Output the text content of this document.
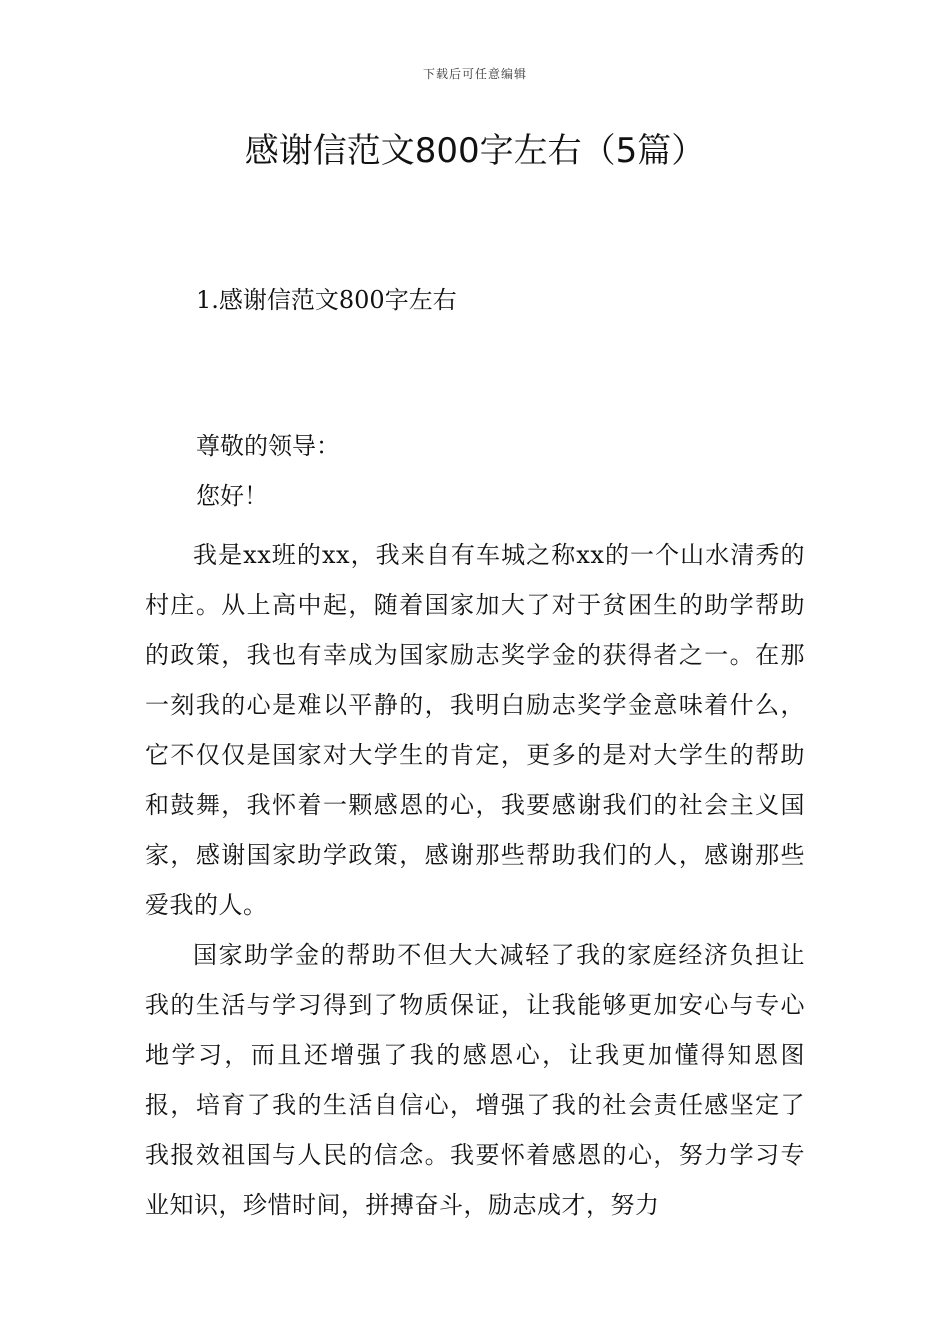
下载后可任意编辑
感谢信范文800字左右（5篇）
1.感谢信范文800字左右
尊敬的领导：
您好！

我是xx班的xx，我来自有车城之称xx的一个山水清秀的村庄。从上高中起，随着国家加大了对于贫困生的助学帮助的政策，我也有幸成为国家励志奖学金的获得者之一。在那一刻我的心是难以平静的，我明白励志奖学金意味着什么，它不仅仅是国家对大学生的肯定，更多的是对大学生的帮助和鼓舞，我怀着一颗感恩的心，我要感谢我们的社会主义国家，感谢国家助学政策，感谢那些帮助我们的人，感谢那些爱我的人。

国家助学金的帮助不但大大减轻了我的家庭经济负担让我的生活与学习得到了物质保证，让我能够更加安心与专心地学习，而且还增强了我的感恩心，让我更加懂得知恩图报，培育了我的生活自信心，增强了我的社会责任感坚定了我报效祖国与人民的信念。我要怀着感恩的心，努力学习专业知识，珍惜时间，拼搏奋斗，励志成才，努力
